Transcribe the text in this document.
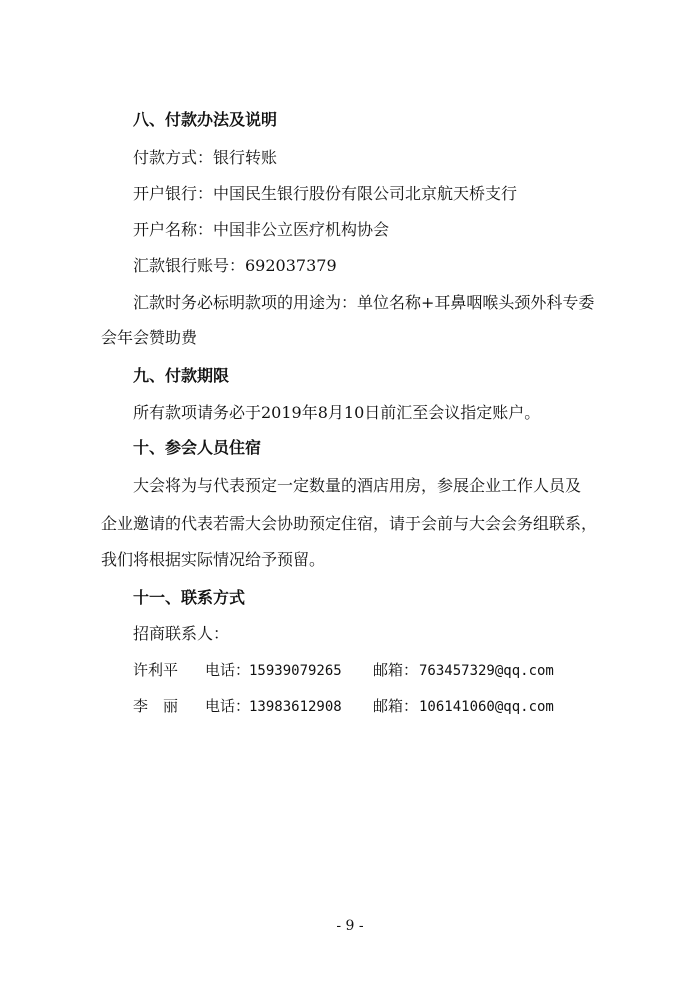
八、付款办法及说明
付款方式：银行转账
开户银行：中国民生银行股份有限公司北京航天桥支行
开户名称：中国非公立医疗机构协会
汇款银行账号：692037379
汇款时务必标明款项的用途为：单位名称+耳鼻咽喉头颈外科专委
会年会赞助费
九、付款期限
所有款项请务必于2019年8月10日前汇至会议指定账户。
十、参会人员住宿
大会将为与代表预定一定数量的酒店用房，参展企业工作人员及
企业邀请的代表若需大会协助预定住宿，请于会前与大会会务组联系，
我们将根据实际情况给予预留。
十一、联系方式
招商联系人：
许利平 电话：15939079265 邮箱：763457329@qq.com
李　丽 电话：13983612908 邮箱：106141060@qq.com
- 9 -
